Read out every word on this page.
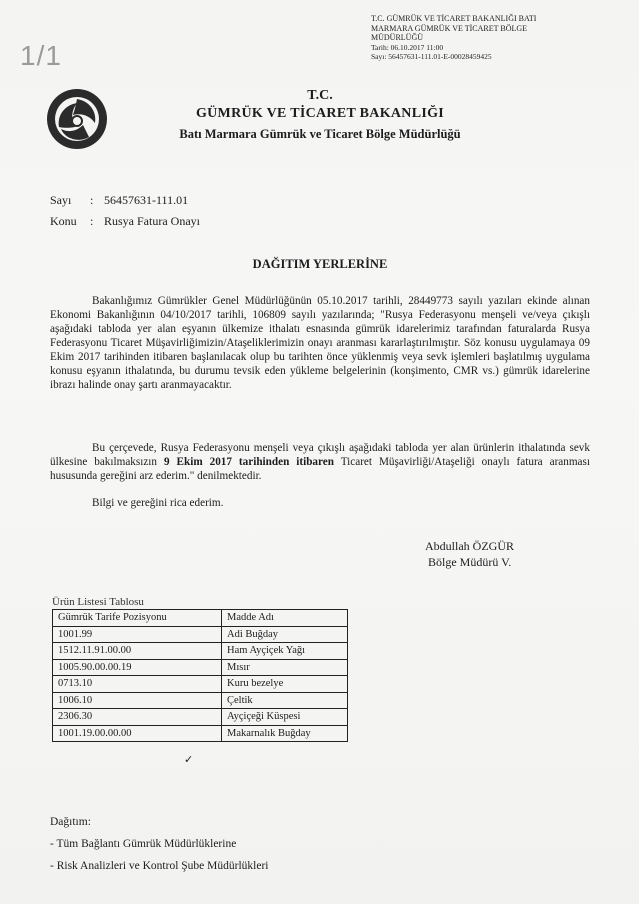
1/1
T.C. GÜMRÜK VE TİCARET BAKANLIĞI BATI
MARMARA GÜMRÜK VE TİCARET BÖLGE
MÜDÜRLÜĞÜ
Tarih: 06.10.2017 11:00
Sayı: 56457631-111.01-E-00028459425
T.C.
GÜMRÜK VE TİCARET BAKANLIĞI
Batı Marmara Gümrük ve Ticaret Bölge Müdürlüğü
Sayı : 56457631-111.01
Konu : Rusya Fatura Onayı
DAĞITIM YERLERİNE
Bakanlığımız Gümrükler Genel Müdürlüğünün 05.10.2017 tarihli, 28449773 sayılı yazıları ekinde alınan Ekonomi Bakanlığının 04/10/2017 tarihli, 106809 sayılı yazılarında; "Rusya Federasyonu menşeli ve/veya çıkışlı aşağıdaki tabloda yer alan eşyanın ülkemize ithalatı esnasında gümrük idarelerimiz tarafından faturalarda Rusya Federasyonu Ticaret Müşavirliğimizin/Ataşeliklerimizin onayı aranması kararlaştırılmıştır. Söz konusu uygulamaya 09 Ekim 2017 tarihinden itibaren başlanılacak olup bu tarihten önce yüklenmiş veya sevk işlemleri başlatılmış uygulama konusu eşyanın ithalatında, bu durumu tevsik eden yükleme belgelerinin (konşimento, CMR vs.) gümrük idarelerine ibrazı halinde onay şartı aranmayacaktır.
Bu çerçevede, Rusya Federasyonu menşeli veya çıkışlı aşağıdaki tabloda yer alan ürünlerin ithalatında sevk ülkesine bakılmaksızın 9 Ekim 2017 tarihinden itibaren Ticaret Müşavirliği/Ataşeliği onaylı fatura aranması hususunda gereğini arz ederim." denilmektedir.
Bilgi ve gereğini rica ederim.
Abdullah ÖZGÜR
Bölge Müdürü V.
Ürün Listesi Tablosu
Gümrük Tarife Pozisyonu	Madde Adı
1001.99	Adi Buğday
1512.11.91.00.00	Ham Ayçiçek Yağı
1005.90.00.00.19	Mısır
0713.10	Kuru bezelye
1006.10	Çeltik
2306.30	Ayçiçeği Küspesi
1001.19.00.00.00	Makarnalık Buğday
✓
Dağıtım:
- Tüm Bağlantı Gümrük Müdürlüklerine
- Risk Analizleri ve Kontrol Şube Müdürlükleri
